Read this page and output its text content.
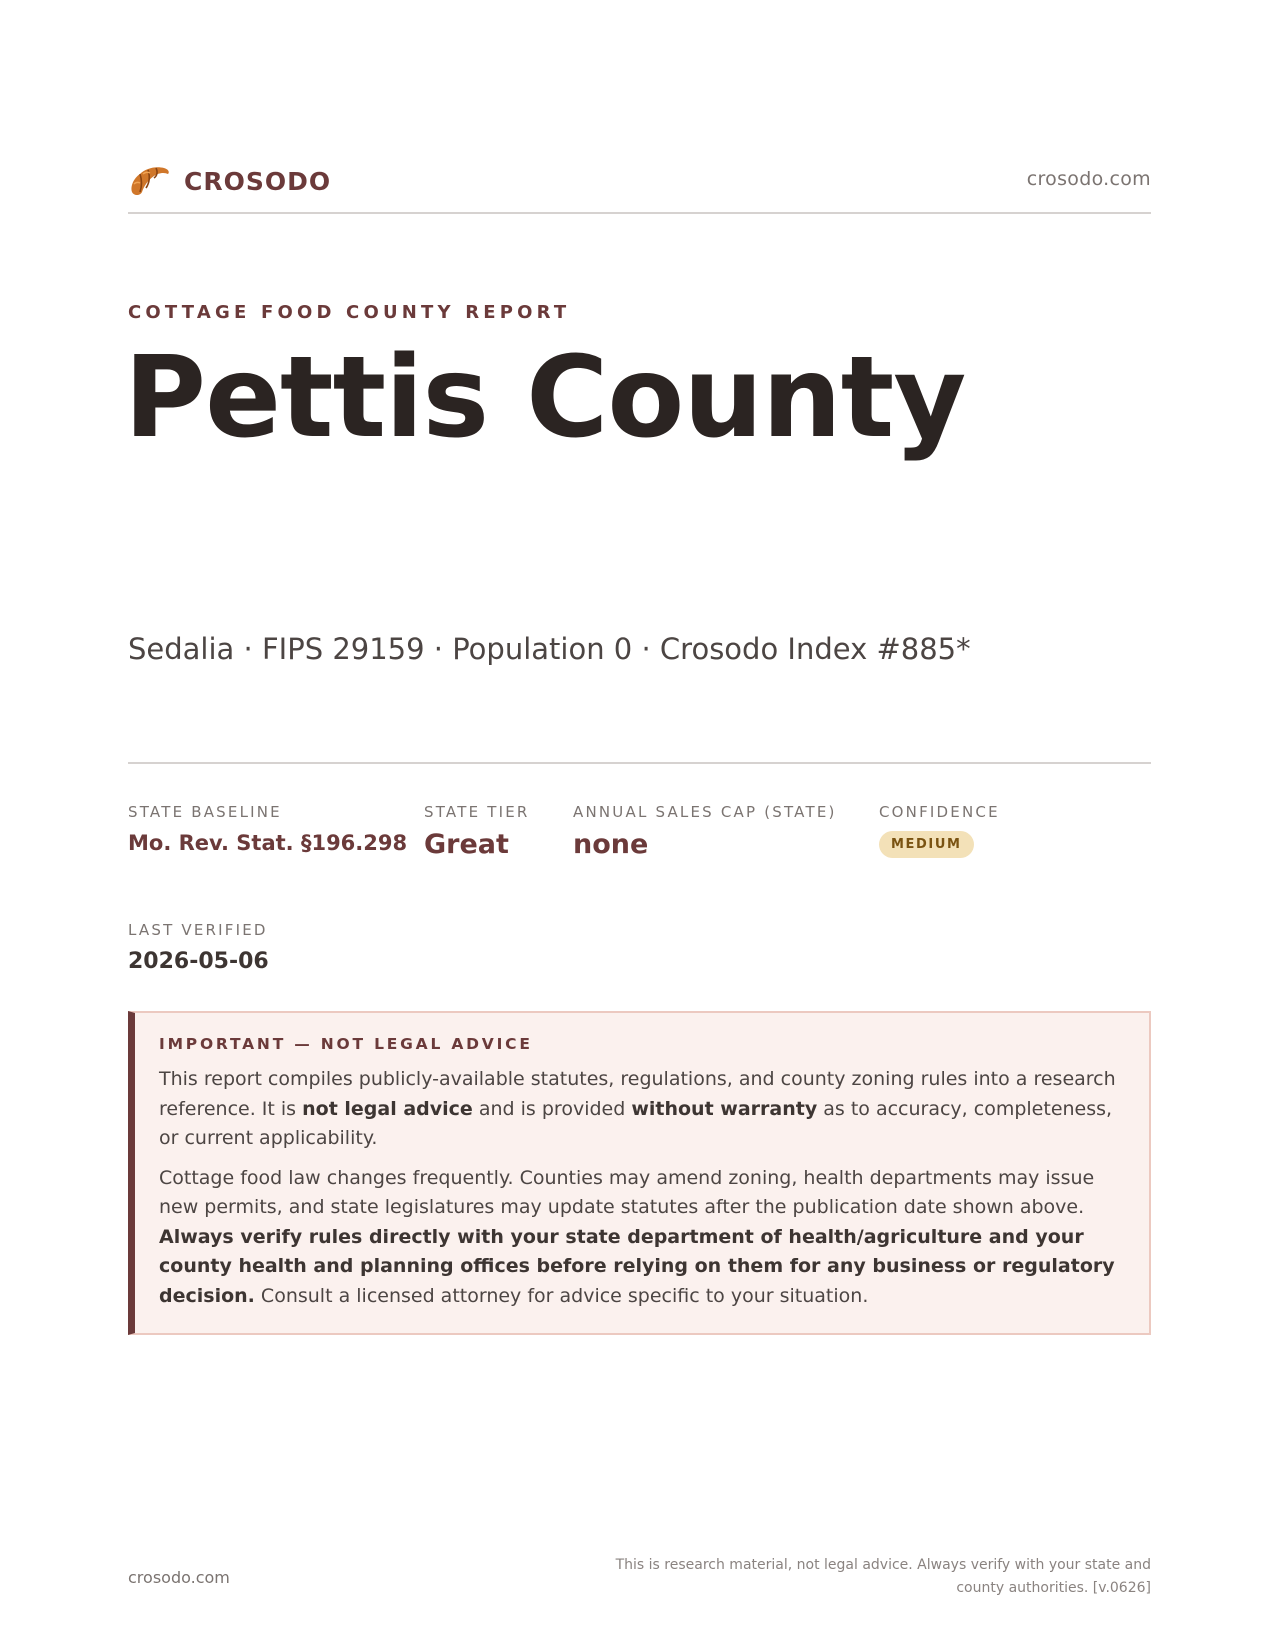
CROSODO	crosodo.com
COTTAGE FOOD COUNTY REPORT
Pettis County
Sedalia · FIPS 29159 · Population 0 · Crosodo Index #885*
STATE BASELINE
Mo. Rev. Stat. §196.298
STATE TIER
Great
ANNUAL SALES CAP (STATE)
none
CONFIDENCE
MEDIUM
LAST VERIFIED
2026-05-06
IMPORTANT — NOT LEGAL ADVICE

This report compiles publicly-available statutes, regulations, and county zoning rules into a research reference. It is not legal advice and is provided without warranty as to accuracy, completeness, or current applicability.

Cottage food law changes frequently. Counties may amend zoning, health departments may issue new permits, and state legislatures may update statutes after the publication date shown above. Always verify rules directly with your state department of health/agriculture and your county health and planning offices before relying on them for any business or regulatory decision. Consult a licensed attorney for advice specific to your situation.

crosodo.com
This is research material, not legal advice. Always verify with your state and county authorities. [v.0626]
